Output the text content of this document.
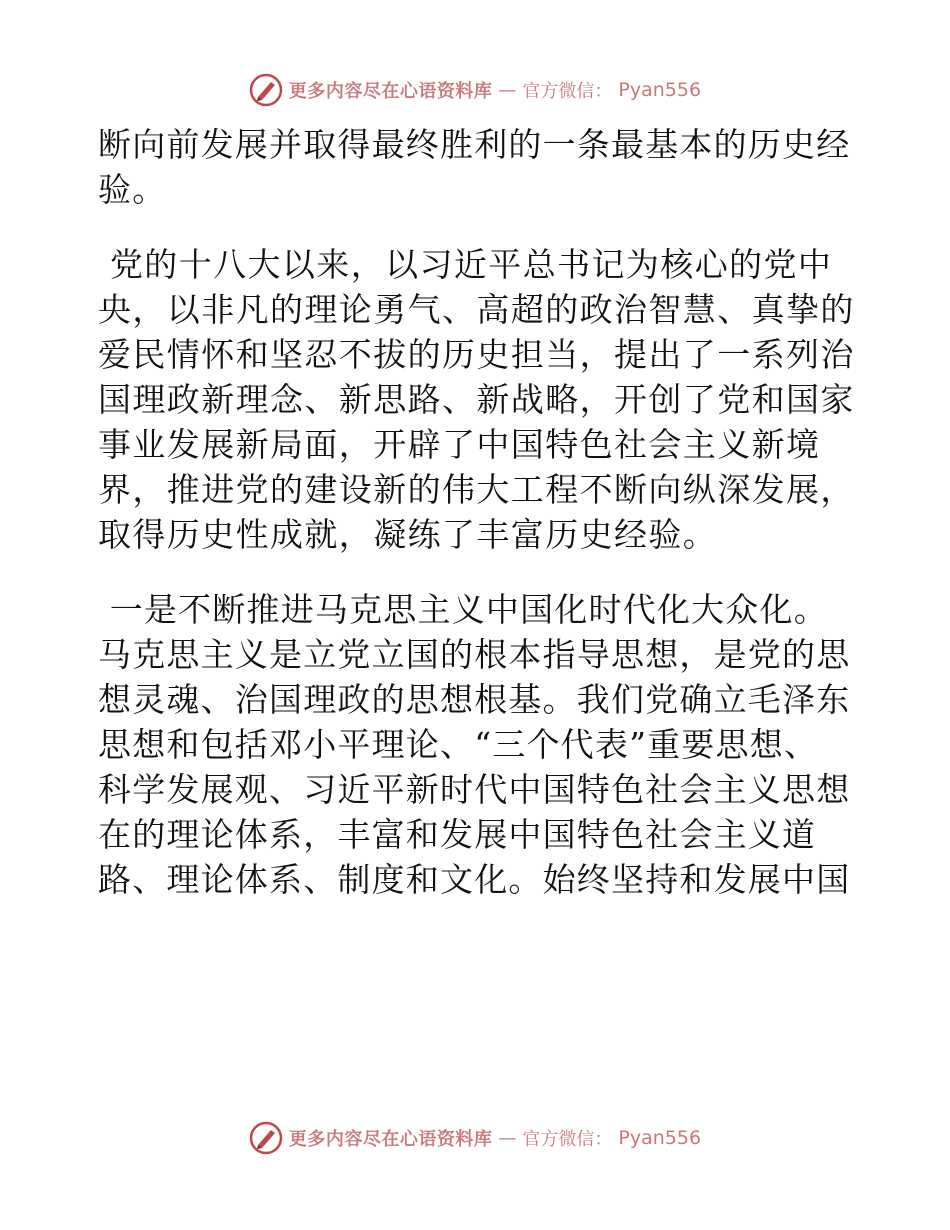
更多内容尽在心语资料库 — 官方微信： Pyan556
断向前发展并取得最终胜利的一条最基本的历史经
验。
党的十八大以来，以习近平总书记为核心的党中
央，以非凡的理论勇气、高超的政治智慧、真挚的
爱民情怀和坚忍不拔的历史担当，提出了一系列治
国理政新理念、新思路、新战略，开创了党和国家
事业发展新局面，开辟了中国特色社会主义新境
界，推进党的建设新的伟大工程不断向纵深发展，
取得历史性成就，凝练了丰富历史经验。
一是不断推进马克思主义中国化时代化大众化。
马克思主义是立党立国的根本指导思想，是党的思
想灵魂、治国理政的思想根基。我们党确立毛泽东
思想和包括邓小平理论、“三个代表”重要思想、
科学发展观、习近平新时代中国特色社会主义思想
在的理论体系，丰富和发展中国特色社会主义道
路、理论体系、制度和文化。始终坚持和发展中国
更多内容尽在心语资料库 — 官方微信： Pyan556
